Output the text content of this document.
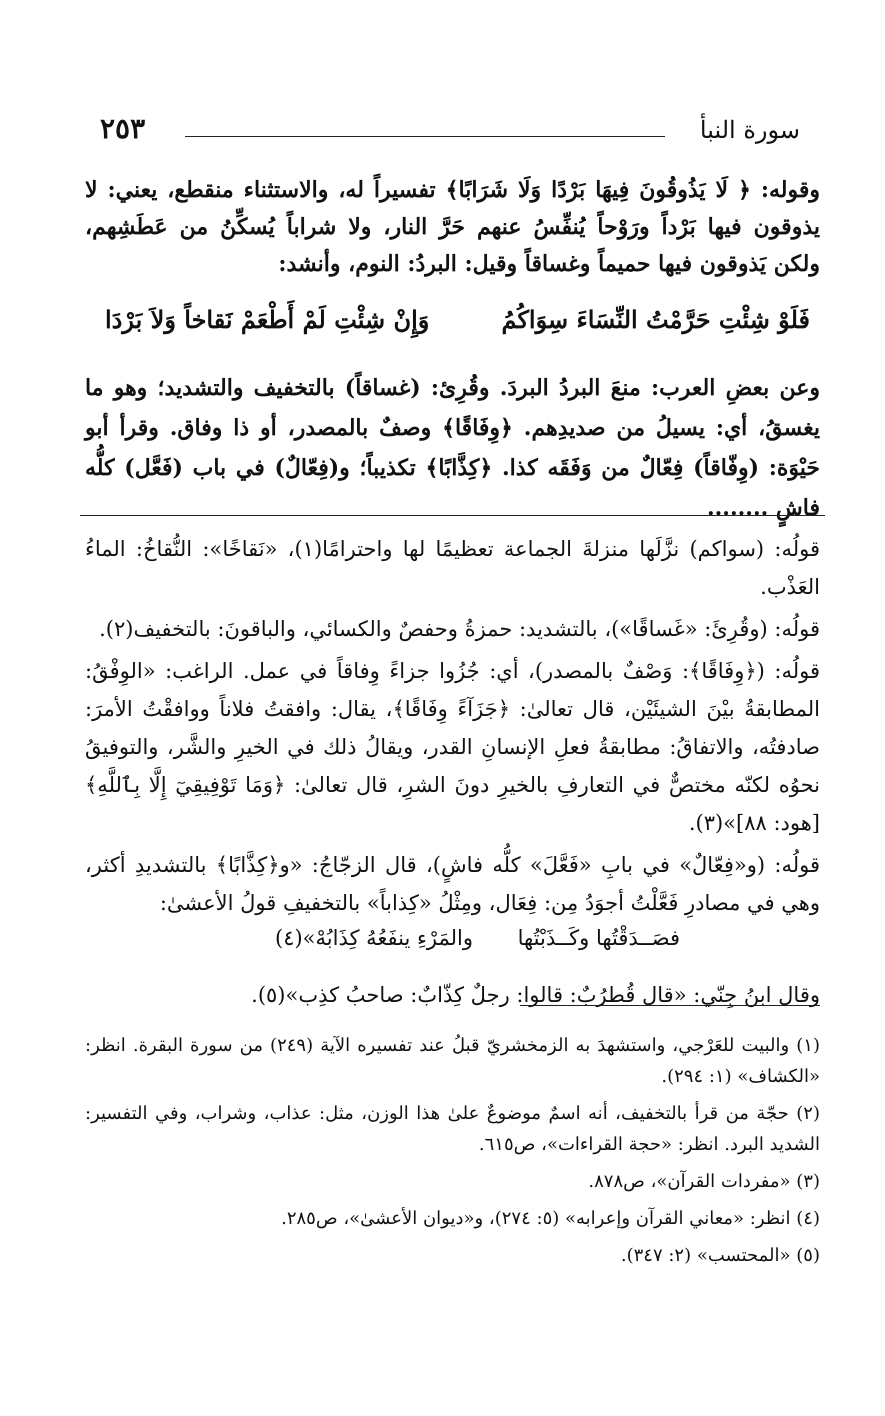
سورة النبأ
٢٥٣

وقوله: ﴿ لَا يَذُوقُونَ فِيهَا بَرْدًا وَلَا شَرَابًا﴾ تفسيراً له، والاستثناء منقطع، يعني: لا يذوقون فيها بَرْداً ورَوْحاً يُنفِّسُ عنهم حَرَّ النار، ولا شراباً يُسكِّنُ من عَطَشِهم، ولكن يَذوقون فيها حميماً وغساقاً وقيل: البردُ: النوم، وأنشد:

فَلَوْ شِئْتِ حَرَّمْتُ النِّسَاءَ سِوَاكُمُ
وَإِنْ شِئْتِ لَمْ أَطْعَمْ نَقاخاً وَلاَ بَرْدَا

وعن بعضِ العرب: منعَ البردُ البردَ. وقُرِئ: (غساقاً) بالتخفيف والتشديد؛ وهو ما يغسقُ، أي: يسيلُ من صديدِهم. ﴿وِفَاقًا﴾ وصفٌ بالمصدر، أو ذا وفاق. وقرأ أبو حَيْوَة: (وِفّاقاً) فِعّالٌ من وَفَقَه كذا. ﴿كِذَّابًا﴾ تكذيباً؛ و(فِعّالٌ) في باب (فَعَّل) كلُّه فاشٍ ........

قولُه: (سواكم) نزَّلَها منزلةَ الجماعة تعظيمًا لها واحترامًا(١)، «نَقاخًا»: النُّقاخُ: الماءُ العَذْب.

قولُه: (وقُرِئَ: «غَساقًا»)، بالتشديد: حمزةُ وحفصٌ والكسائي، والباقونَ: بالتخفيف(٢).

قولُه: (﴿وِفَاقًا﴾: وَصْفٌ بالمصدر)، أي: جُزُوا جزاءً وِفاقاً في عمل. الراغب: «الوِفْقُ: المطابقةُ بيْنَ الشيئَيْن، قال تعالىٰ: ﴿جَزَآءً وِفَاقًا﴾، يقال: وافقتُ فلاناً ووافقْتُ الأمرَ: صادفتُه، والاتفاقُ: مطابقةُ فعلِ الإنسانِ القدر، ويقالُ ذلك في الخيرِ والشَّر، والتوفيقُ نحوُه لكنّه مختصٌّ في التعارفِ بالخيرِ دونَ الشرِ، قال تعالىٰ: ﴿وَمَا تَوْفِيقِيٓ إِلَّا بِٱللَّهِ﴾ [هود: ٨٨]»(٣).

قولُه: (و«فِعّالٌ» في بابِ «فَعَّلَ» كلُّه فاشٍ)، قال الزجّاجُ: «و﴿كِذَّابًا﴾ بالتشديدِ أكثر، وهي في مصادرِ فَعَّلْتُ أجوَدُ مِن: فِعَال، ومِثْلُ «كِذاباً» بالتخفيفِ قولُ الأعشىٰ:

فصَــدَقْتُها وكَــذَبْتُها
والمَرْءِ ينفَعُهُ كِذَابُهْ»(٤)

وقال ابنُ جِنّي: «قال قُطرُبٌ: قالوا: رجلٌ كِذّابٌ: صاحبُ كذِب»(٥).

(١) والبيت للعَرْجي، واستشهدَ به الزمخشريّ قبلُ عند تفسيره الآية (٢٤٩) من سورة البقرة. انظر: «الكشاف» (١: ٢٩٤).

(٢) حجّة من قرأ بالتخفيف، أنه اسمٌ موضوعٌ علىٰ هذا الوزن، مثل: عذاب، وشراب، وفي التفسير: الشديد البرد. انظر: «حجة القراءات»، ص٦١٥.

(٣) «مفردات القرآن»، ص٨٧٨.

(٤) انظر: «معاني القرآن وإعرابه» (٥: ٢٧٤)، و«ديوان الأعشىٰ»، ص٢٨٥.

(٥) «المحتسب» (٢: ٣٤٧).
